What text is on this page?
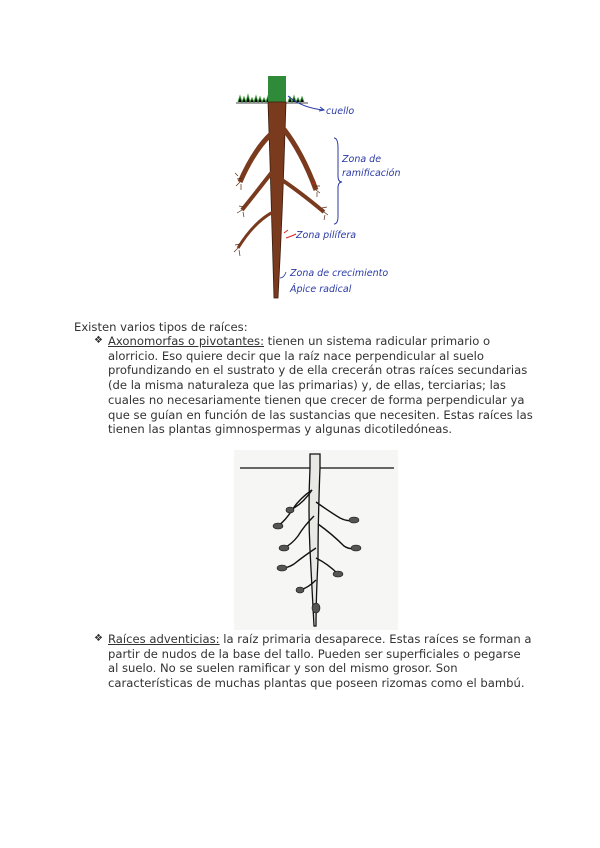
cuello
Zona de
ramificación
Zona pilífera
Zona de crecimiento
Ápice radical

Existen varios tipos de raíces:

❖ Axonomorfas o pivotantes: tienen un sistema radicular primario o alorricio. Eso quiere decir que la raíz nace perpendicular al suelo profundizando en el sustrato y de ella crecerán otras raíces secundarias (de la misma naturaleza que las primarias) y, de ellas, terciarias; las cuales no necesariamente tienen que crecer de forma perpendicular ya que se guían en función de las sustancias que necesiten. Estas raíces las tienen las plantas gimnospermas y algunas dicotiledóneas.
❖ Raíces adventicias: la raíz primaria desaparece. Estas raíces se forman a partir de nudos de la base del tallo. Pueden ser superficiales o pegarse al suelo. No se suelen ramificar y son del mismo grosor. Son características de muchas plantas que poseen rizomas como el bambú.
